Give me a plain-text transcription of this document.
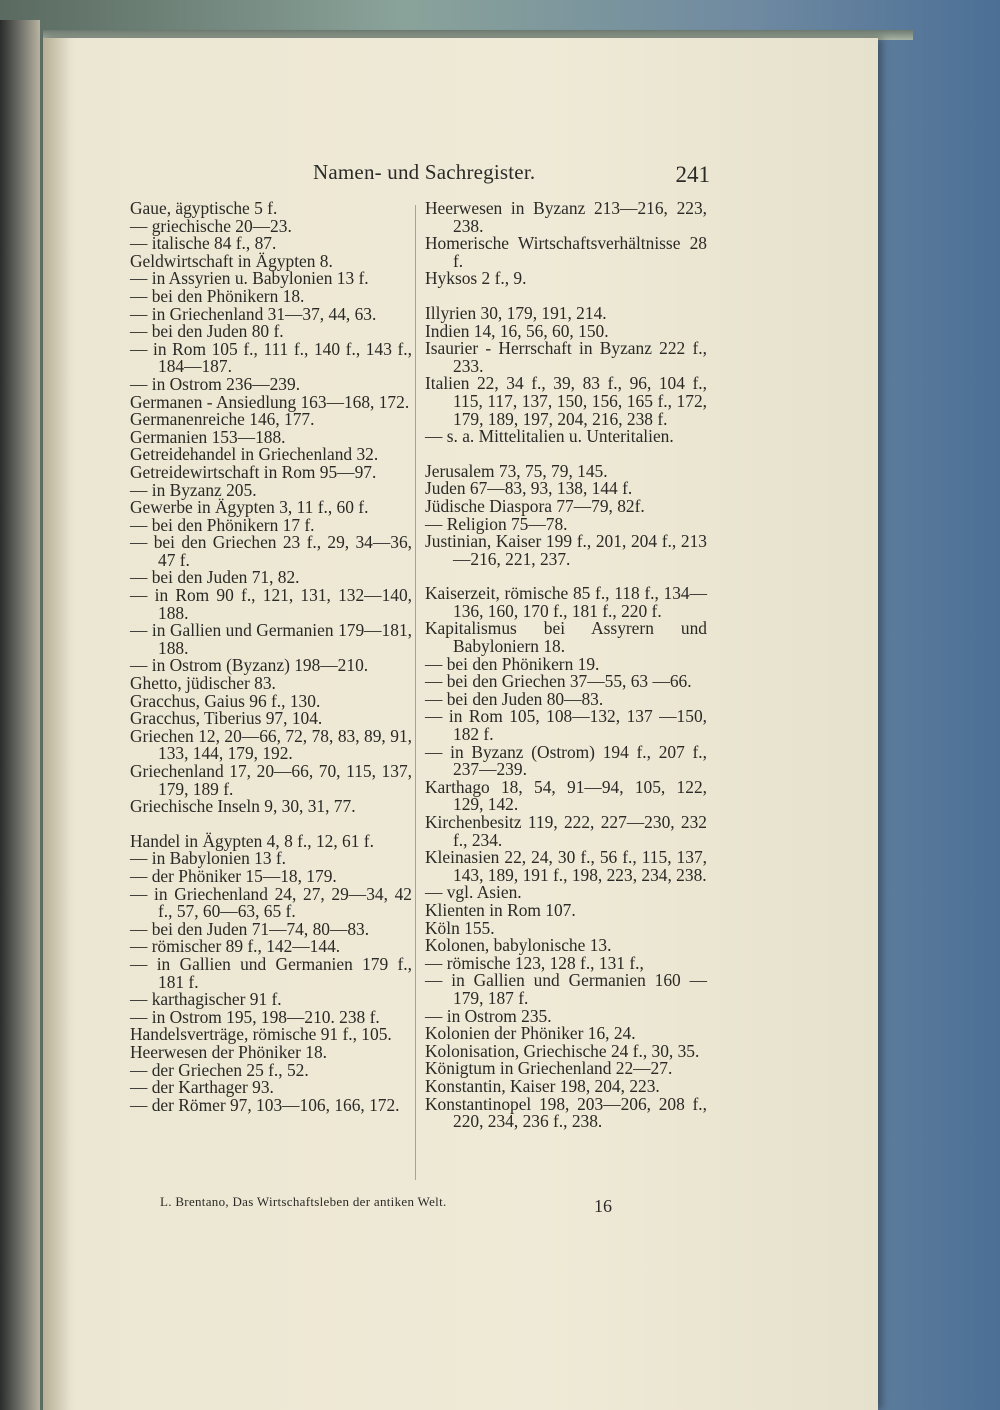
Namen- und Sachregister.	241

Gaue, ägyptische 5 f.

— griechische 20—23.

— italische 84 f., 87.

Geldwirtschaft in Ägypten 8.

— in Assyrien u. Babylonien 13 f.

— bei den Phönikern 18.

— in Griechenland 31—37, 44, 63.

— bei den Juden 80 f.

— in Rom 105 f., 111 f., 140 f., 143 f., 184—187.

— in Ostrom 236—239.

Germanen - Ansiedlung 163—168, 172.

Germanenreiche 146, 177.

Germanien 153—188.

Getreidehandel in Griechenland 32.

Getreidewirtschaft in Rom 95—97.

— in Byzanz 205.

Gewerbe in Ägypten 3, 11 f., 60 f.

— bei den Phönikern 17 f.

— bei den Griechen 23 f., 29, 34—36, 47 f.

— bei den Juden 71, 82.

— in Rom 90 f., 121, 131, 132—140, 188.

— in Gallien und Germanien 179—181, 188.

— in Ostrom (Byzanz) 198—210.

Ghetto, jüdischer 83.

Gracchus, Gaius 96 f., 130.

Gracchus, Tiberius 97, 104.

Griechen 12, 20—66, 72, 78, 83, 89, 91, 133, 144, 179, 192.

Griechenland 17, 20—66, 70, 115, 137, 179, 189 f.

Griechische Inseln 9, 30, 31, 77.

Handel in Ägypten 4, 8 f., 12, 61 f.

— in Babylonien 13 f.

— der Phöniker 15—18, 179.

— in Griechenland 24, 27, 29—34, 42 f., 57, 60—63, 65 f.

— bei den Juden 71—74, 80—83.

— römischer 89 f., 142—144.

— in Gallien und Germanien 179 f., 181 f.

— karthagischer 91 f.

— in Ostrom 195, 198—210. 238 f.

Handelsverträge, römische 91 f., 105.

Heerwesen der Phöniker 18.

— der Griechen 25 f., 52.

— der Karthager 93.

— der Römer 97, 103—106, 166, 172.

Heerwesen in Byzanz 213—216, 223, 238.

Homerische Wirtschaftsverhältnisse 28 f.

Hyksos 2 f., 9.

Illyrien 30, 179, 191, 214.

Indien 14, 16, 56, 60, 150.

Isaurier - Herrschaft in Byzanz 222 f., 233.

Italien 22, 34 f., 39, 83 f., 96, 104 f., 115, 117, 137, 150, 156, 165 f., 172, 179, 189, 197, 204, 216, 238 f.

— s. a. Mittelitalien u. Unteritalien.

Jerusalem 73, 75, 79, 145.

Juden 67—83, 93, 138, 144 f.

Jüdische Diaspora 77—79, 82f.

— Religion 75—78.

Justinian, Kaiser 199 f., 201, 204 f., 213—216, 221, 237.

Kaiserzeit, römische 85 f., 118 f., 134—136, 160, 170 f., 181 f., 220 f.

Kapitalismus bei Assyrern und Babyloniern 18.

— bei den Phönikern 19.

— bei den Griechen 37—55, 63 —66.

— bei den Juden 80—83.

— in Rom 105, 108—132, 137 —150, 182 f.

— in Byzanz (Ostrom) 194 f., 207 f., 237—239.

Karthago 18, 54, 91—94, 105, 122, 129, 142.

Kirchenbesitz 119, 222, 227—230, 232 f., 234.

Kleinasien 22, 24, 30 f., 56 f., 115, 137, 143, 189, 191 f., 198, 223, 234, 238.

— vgl. Asien.

Klienten in Rom 107.

Köln 155.

Kolonen, babylonische 13.

— römische 123, 128 f., 131 f.,

— in Gallien und Germanien 160 —179, 187 f.

— in Ostrom 235.

Kolonien der Phöniker 16, 24.

Kolonisation, Griechische 24 f., 30, 35.

Königtum in Griechenland 22—27.

Konstantin, Kaiser 198, 204, 223.

Konstantinopel 198, 203—206, 208 f., 220, 234, 236 f., 238.

L. Brentano, Das Wirtschaftsleben der antiken Welt.	16
